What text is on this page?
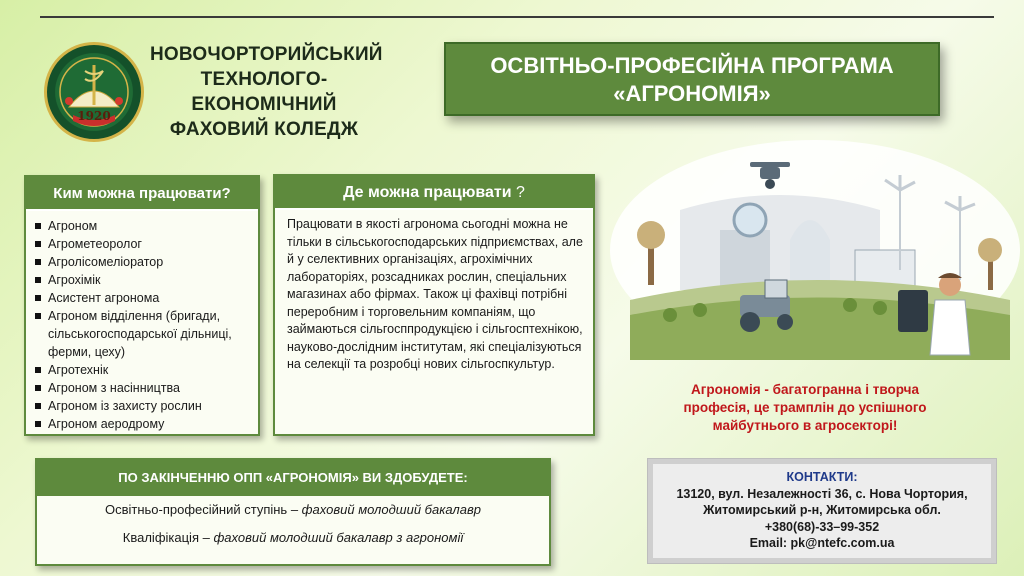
1920
НОВОЧОРТОРИЙСЬКИЙ
ТЕХНОЛОГО-
ЕКОНОМІЧНИЙ
ФАХОВИЙ КОЛЕДЖ
ОСВІТНЬО-ПРОФЕСІЙНА ПРОГРАМА
«АГРОНОМІЯ»
Ким можна працювати?
Агроном
Агрометеоролог
Агролісомеліоратор
Агрохімік
Асистент агронома
Агроном відділення (бригади, сільськогосподарської дільниці, ферми, цеху)
Агротехнік
Агроном з насінництва
Агроном із захисту рослин
Агроном аеродрому
Де можна працювати ?
Працювати в якості агронома сьогодні можна не тільки в сільськогосподарських підприємствах, але й у селективних організаціях, агрохімічних лабораторіях, розсадниках рослин, спеціальних магазинах або фірмах. Також ці фахівці потрібні переробним і торговельним компаніям, що займаються сільгосппродукцією і сільгосптехнікою, науково-дослідним інститутам, які спеціалізуються на селекції та розробці нових сільгоспкультур.
Агрономія - багатогранна і творча
професія, це трамплін до успішного
майбутнього в агросекторі!
ПО ЗАКІНЧЕННЮ ОПП «АГРОНОМІЯ» ВИ ЗДОБУДЕТЕ:
Освітньо-професійний ступінь – фаховий молодший бакалавр
Кваліфікація – фаховий молодший бакалавр з агрономії
КОНТАКТИ:
13120, вул. Незалежності 36, с. Нова Чортория,
Житомирський р-н, Житомирська обл.
+380(68)-33–99-352
Email: pk@ntefc.com.ua
